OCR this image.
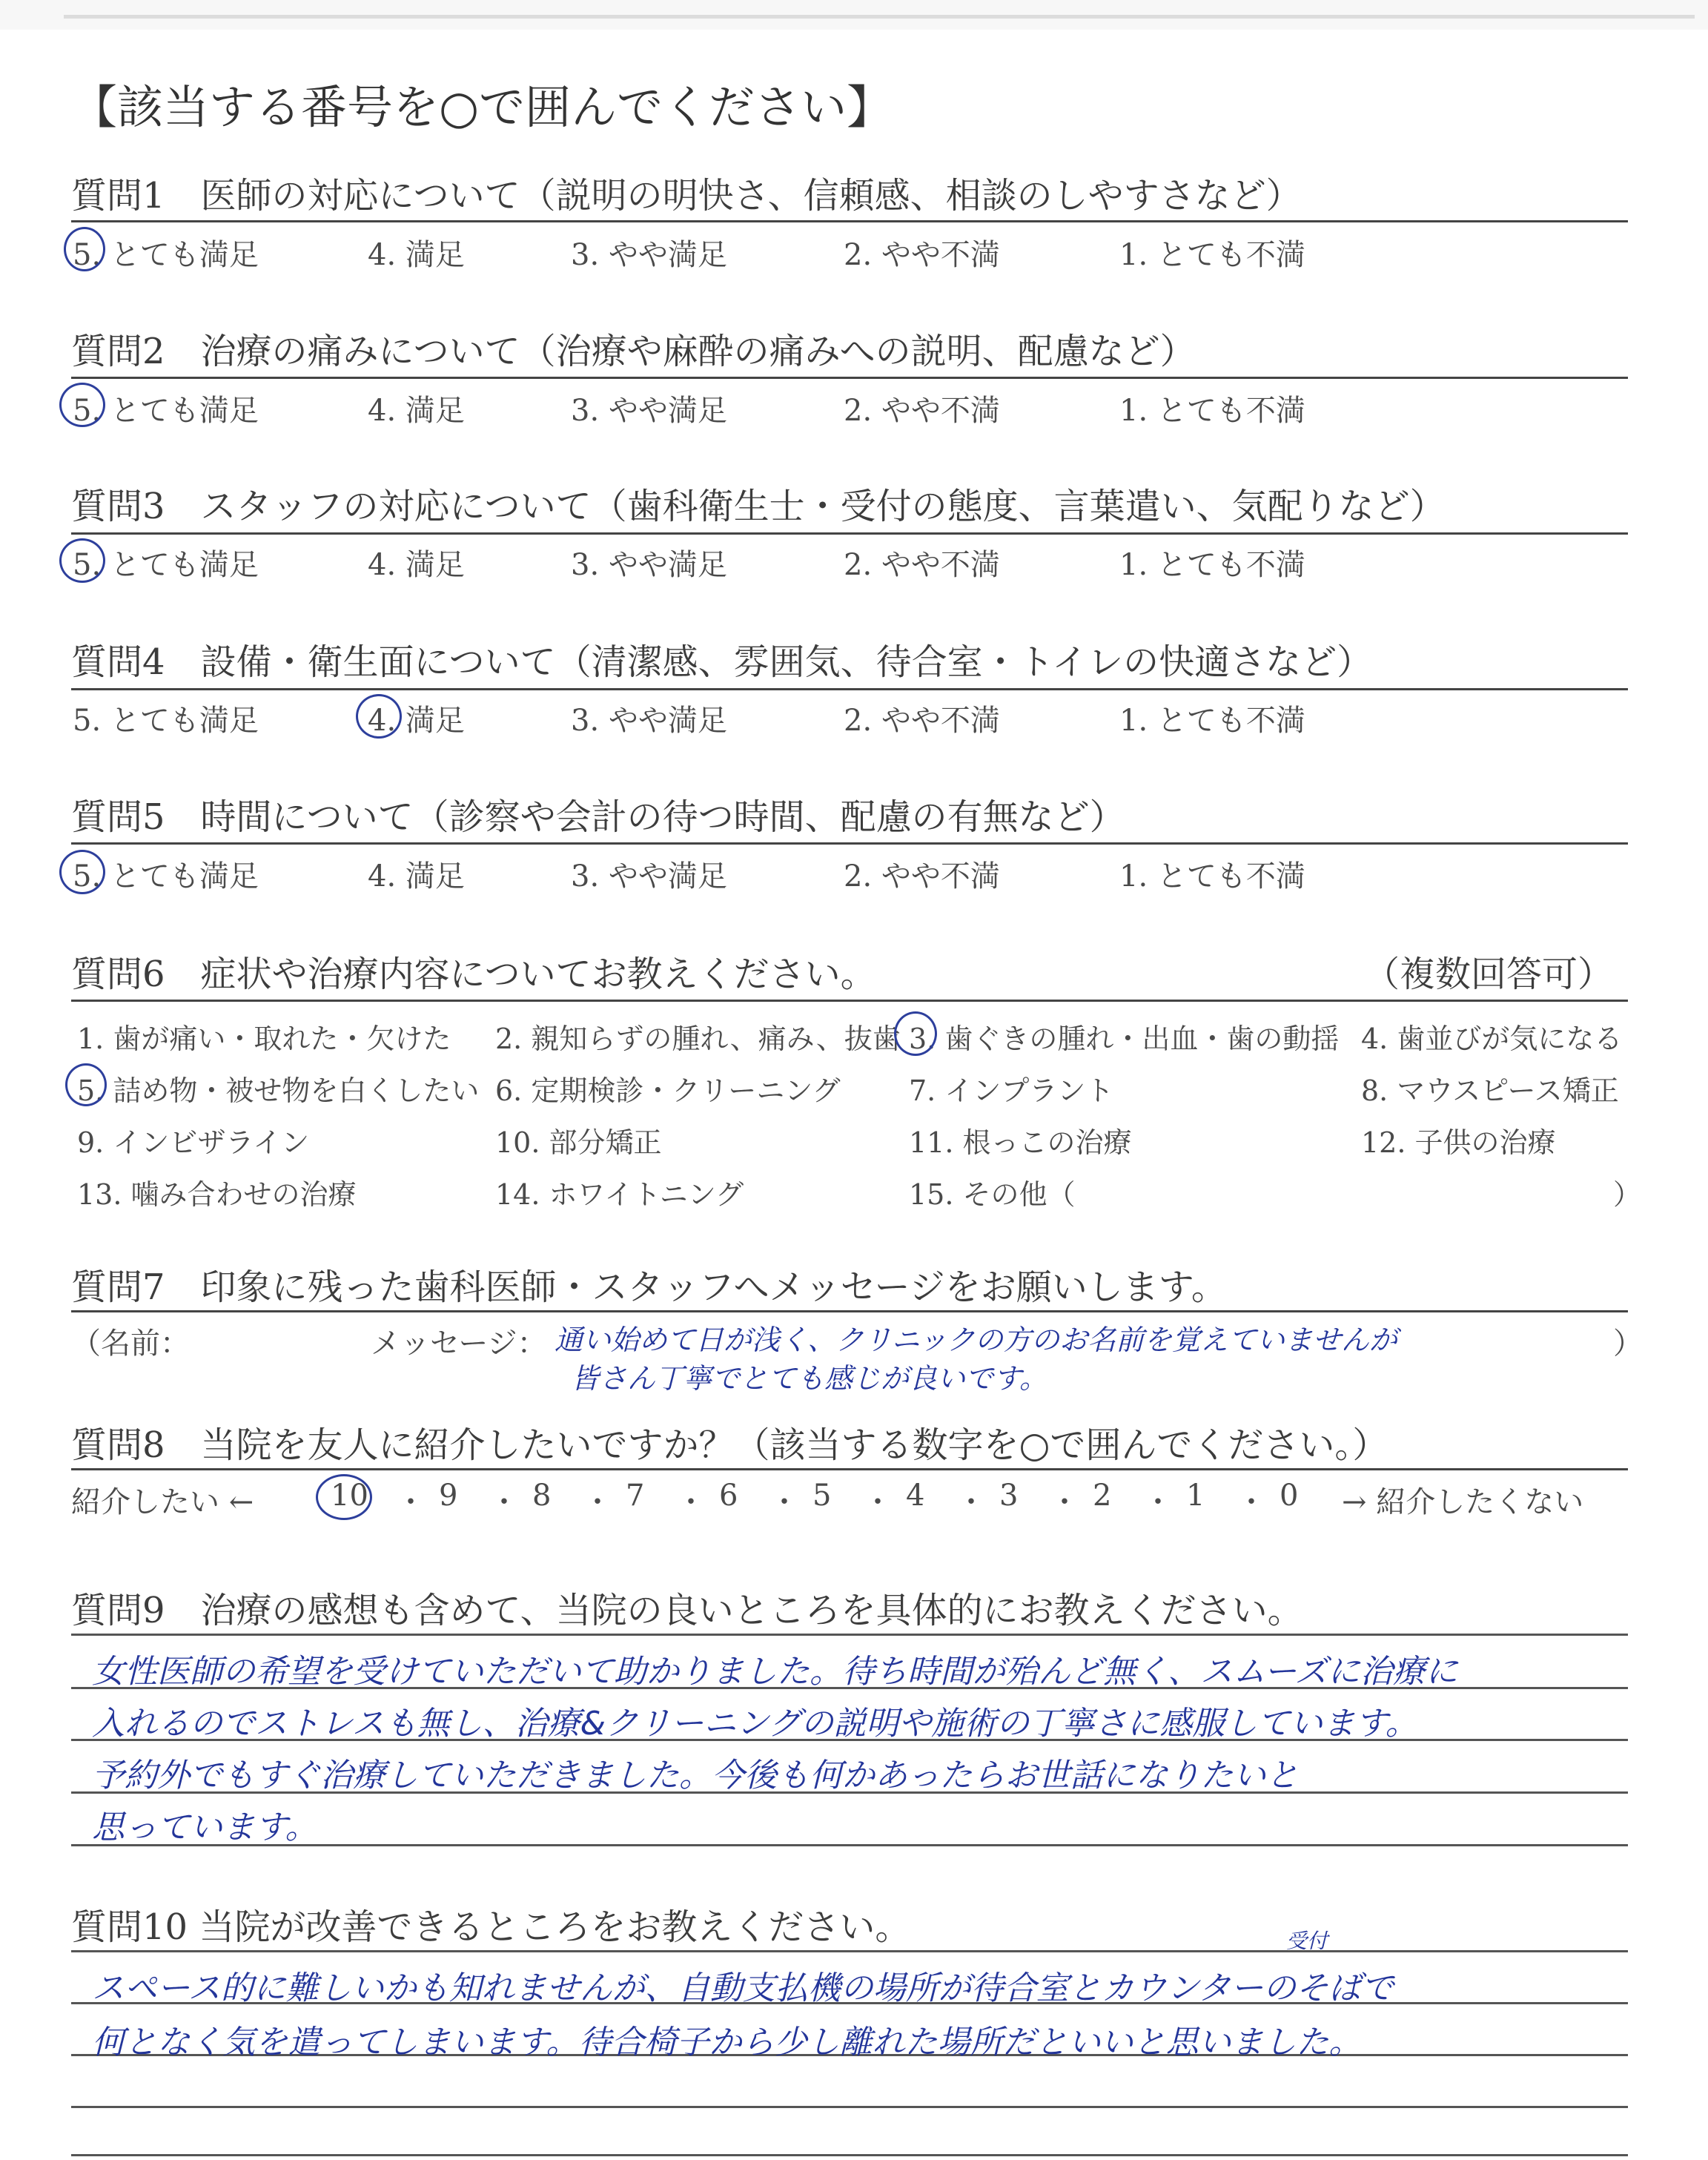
【該当する番号を○で囲んでください】
質問1　医師の対応について（説明の明快さ、信頼感、相談のしやすさなど）
5. とても満足	4. 満足	3. やや満足	2. やや不満	1. とても不満
質問2　治療の痛みについて（治療や麻酔の痛みへの説明、配慮など）
5. とても満足	4. 満足	3. やや満足	2. やや不満	1. とても不満
質問3　スタッフの対応について（歯科衛生士・受付の態度、言葉遣い、気配りなど）
5. とても満足	4. 満足	3. やや満足	2. やや不満	1. とても不満
質問4　設備・衛生面について（清潔感、雰囲気、待合室・トイレの快適さなど）
5. とても満足	4. 満足	3. やや満足	2. やや不満	1. とても不満
質問5　時間について（診察や会計の待つ時間、配慮の有無など）
5. とても満足	4. 満足	3. やや満足	2. やや不満	1. とても不満
質問6　症状や治療内容についてお教えください。	（複数回答可）
1. 歯が痛い・取れた・欠けた 2. 親知らずの腫れ、痛み、抜歯 3. 歯ぐきの腫れ・出血・歯の動揺 4. 歯並びが気になる
5. 詰め物・被せ物を白くしたい 6. 定期検診・クリーニング 7. インプラント	8. マウスピース矯正
9. インビザライン	10. 部分矯正	11. 根っこの治療	12. 子供の治療
13. 噛み合わせの治療	14. ホワイトニング	15. その他（	）
質問7　印象に残った歯科医師・スタッフへメッセージをお願いします。
（名前：	メッセージ：	）
通い始めて日が浅く、クリニックの方のお名前を覚えていませんが
皆さん丁寧でとても感じが良いです。
質問8　当院を友人に紹介したいですか？（該当する数字を○で囲んでください。）
紹介したい ←	→ 紹介したくない
10 ・ 9 ・ 8 ・ 7 ・ 6 ・ 5 ・ 4 ・ 3 ・ 2 ・ 1 ・ 0
質問9　治療の感想も含めて、当院の良いところを具体的にお教えください。
女性医師の希望を受けていただいて助かりました。待ち時間が殆んど無く、スムーズに治療に
入れるのでストレスも無し、治療&クリーニングの説明や施術の丁寧さに感服しています。
予約外でもすぐ治療していただきました。今後も何かあったらお世話になりたいと
思っています。
質問10 当院が改善できるところをお教えください。	受付
スペース的に難しいかも知れませんが、自動支払機の場所が待合室とカウンターのそばで
何となく気を遣ってしまいます。待合椅子から少し離れた場所だといいと思いました。
